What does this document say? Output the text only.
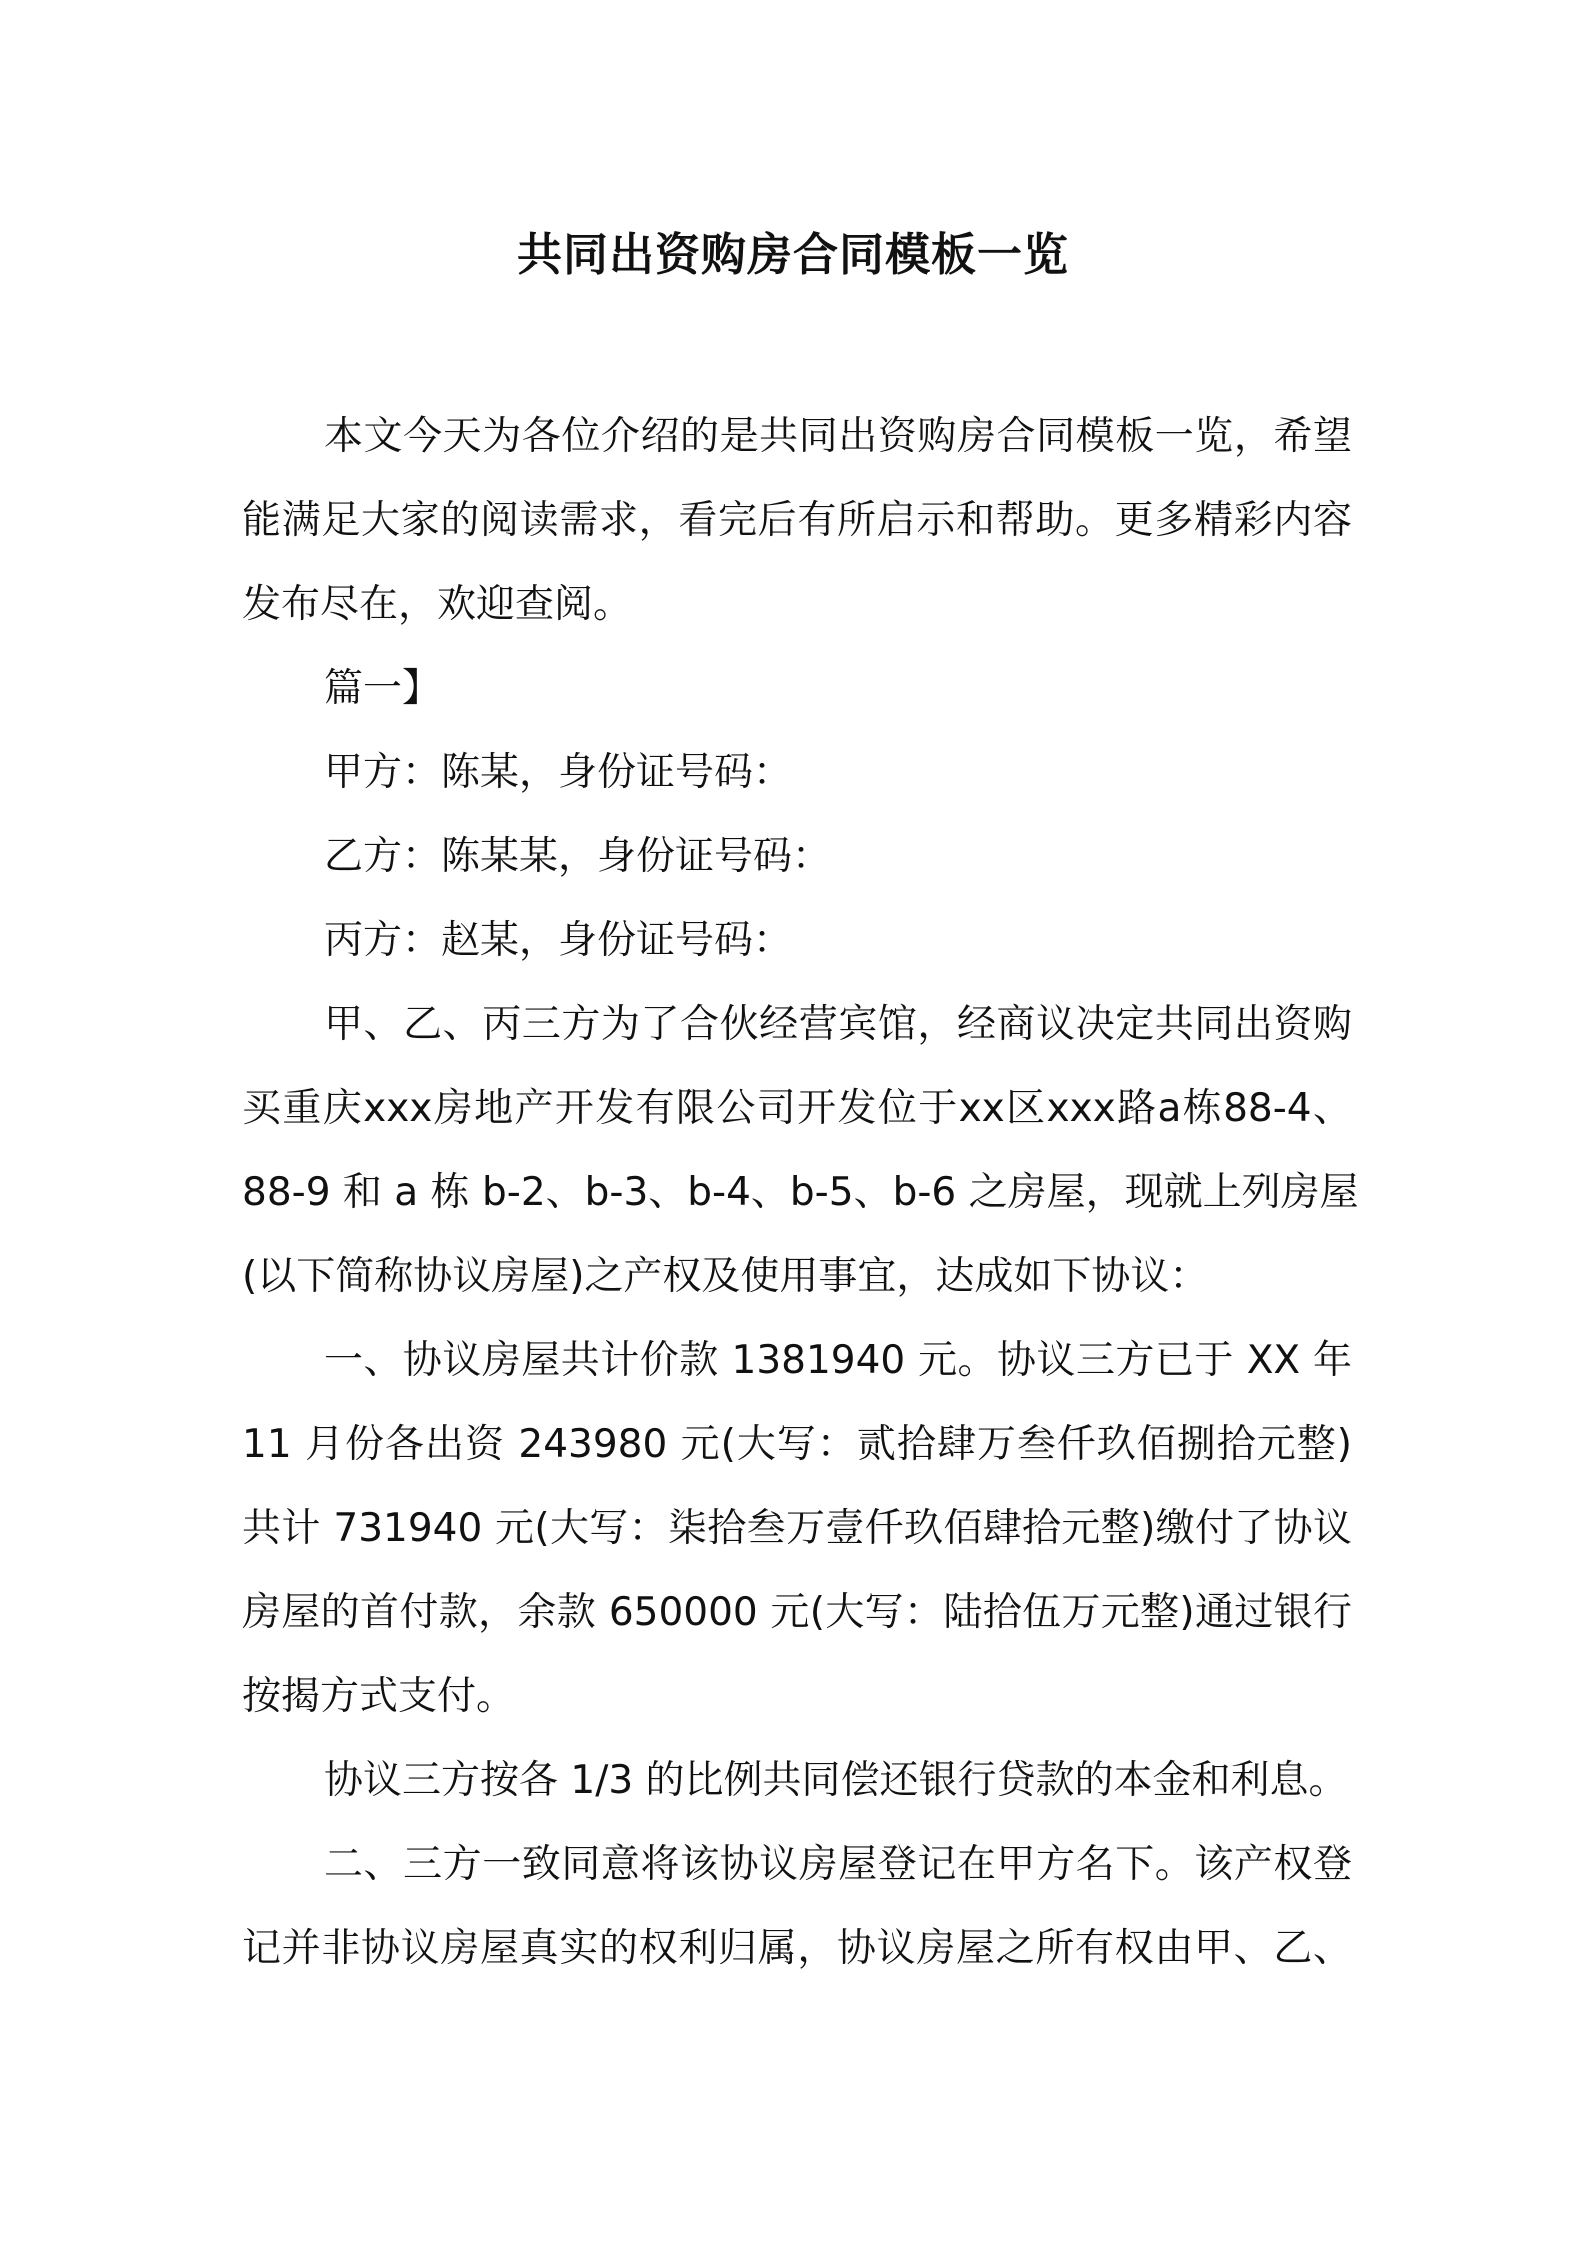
共同出资购房合同模板一览
本文今天为各位介绍的是共同出资购房合同模板一览，希望
能满足大家的阅读需求，看完后有所启示和帮助。更多精彩内容
发布尽在，欢迎查阅。
篇一】
甲方：陈某，身份证号码：
乙方：陈某某，身份证号码：
丙方：赵某，身份证号码：
甲、乙、丙三方为了合伙经营宾馆，经商议决定共同出资购
买重庆xxx房地产开发有限公司开发位于xx区xxx路a栋88-4、
88-9 和 a 栋 b-2、b-3、b-4、b-5、b-6 之房屋，现就上列房屋
(以下简称协议房屋)之产权及使用事宜，达成如下协议：
一、协议房屋共计价款 1381940 元。协议三方已于 XX 年
11 月份各出资 243980 元(大写：贰拾肆万叁仟玖佰捌拾元整)
共计 731940 元(大写：柒拾叁万壹仟玖佰肆拾元整)缴付了协议
房屋的首付款，余款 650000 元(大写：陆拾伍万元整)通过银行
按揭方式支付。
协议三方按各 1/3 的比例共同偿还银行贷款的本金和利息。
二、三方一致同意将该协议房屋登记在甲方名下。该产权登
记并非协议房屋真实的权利归属，协议房屋之所有权由甲、乙、
